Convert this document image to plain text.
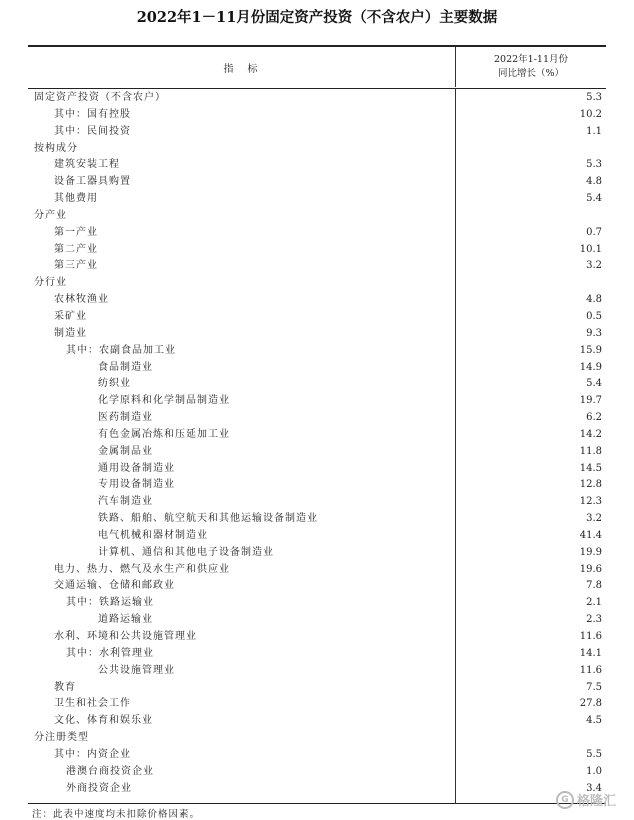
2022年1－11月份固定资产投资（不含农户）主要数据
指　标
2022年1-11月份
同比增长（%）
固定资产投资（不含农户）	5.3
其中：国有控股	10.2
其中：民间投资	1.1
按构成分
建筑安装工程	5.3
设备工器具购置	4.8
其他费用	5.4
分产业
第一产业	0.7
第二产业	10.1
第三产业	3.2
分行业
农林牧渔业	4.8
采矿业	0.5
制造业	9.3
其中：农副食品加工业	15.9
食品制造业	14.9
纺织业	5.4
化学原料和化学制品制造业	19.7
医药制造业	6.2
有色金属冶炼和压延加工业	14.2
金属制品业	11.8
通用设备制造业	14.5
专用设备制造业	12.8
汽车制造业	12.3
铁路、船舶、航空航天和其他运输设备制造业	3.2
电气机械和器材制造业	41.4
计算机、通信和其他电子设备制造业	19.9
电力、热力、燃气及水生产和供应业	19.6
交通运输、仓储和邮政业	7.8
其中：铁路运输业	2.1
道路运输业	2.3
水利、环境和公共设施管理业	11.6
其中：水利管理业	14.1
公共设施管理业	11.6
教育	7.5
卫生和社会工作	27.8
文化、体育和娱乐业	4.5
分注册类型
其中：内资企业	5.5
港澳台商投资企业	1.0
外商投资企业	3.4
注：此表中速度均未扣除价格因素。
G 格隆汇
